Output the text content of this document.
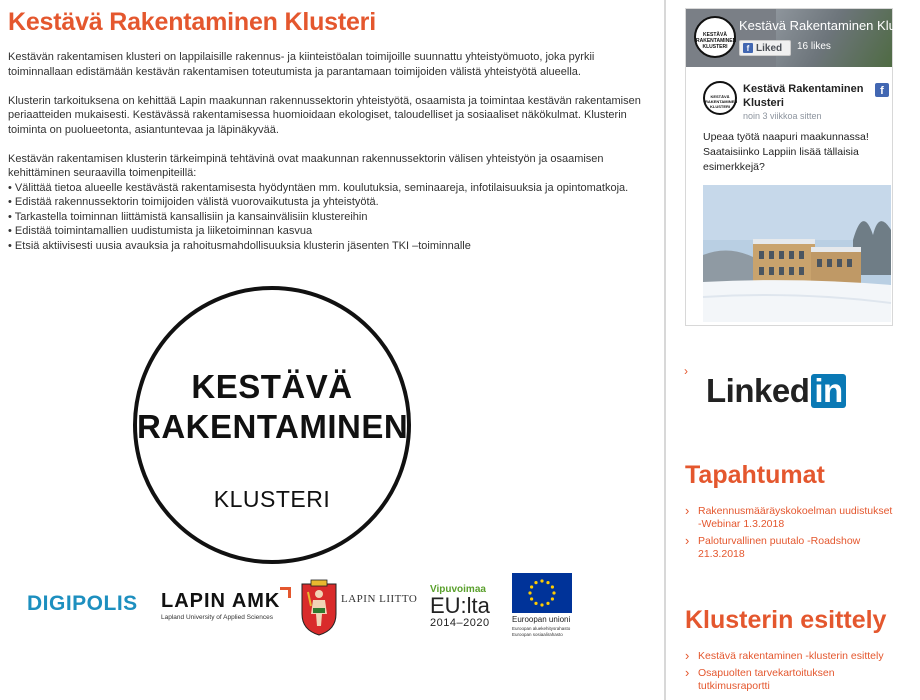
Kestävä Rakentaminen Klusteri

Kestävän rakentamisen klusteri on lappilaisille rakennus- ja kiinteistöalan toimijoille suunnattu yhteistyömuoto, joka pyrkii toiminnallaan edistämään kestävän rakentamisen toteutumista ja parantamaan toimijoiden välistä yhteistyötä alueella.

Klusterin tarkoituksena on kehittää Lapin maakunnan rakennussektorin yhteistyötä, osaamista ja toimintaa kestävän rakentamisen periaatteiden mukaisesti. Kestävässä rakentamisessa huomioidaan ekologiset, taloudelliset ja sosiaaliset näkökulmat. Klusterin toiminta on puolueetonta, asiantuntevaa ja läpinäkyvää.

Kestävän rakentamisen klusterin tärkeimpinä tehtävinä ovat maakunnan rakennussektorin välisen yhteistyön ja osaamisen kehittäminen seuraavilla toimenpiteillä:
• Välittää tietoa alueelle kestävästä rakentamisesta hyödyntäen mm. koulutuksia, seminaareja, infotilaisuuksia ja opintomatkoja.
• Edistää rakennussektorin toimijoiden välistä vuorovaikutusta ja yhteistyötä.
• Tarkastella toiminnan liittämistä kansallisiin ja kansainvälisiin klustereihin
• Edistää toimintamallien uudistumista ja liiketoiminnan kasvua
• Etsiä aktiivisesti uusia avauksia ja rahoitusmahdollisuuksia klusterin jäsenten TKI –toiminnalle
KESTÄVÄ
RAKENTAMINEN
KLUSTERI
DIGIPOLIS LAPIN AMK
Lapland University of Applied Sciences
LAPIN LIITTO
Vipuvoimaa
EU:lta
2014–2020	Euroopan unioni
Euroopan aluekehitysrahasto
Euroopan sosiaalirahasto
KESTÄVÄ RAKENTAMINEN KLUSTERI
Kestävä Rakentaminen Klusteri
f Liked	16 likes
KESTÄVÄ RAKENTAMINEN KLUSTERI
Kestävä Rakentaminen Klusteri
noin 3 viikkoa sitten
f
Upeaa työtä naapuri maakunnassa! Saataisiinko Lappiin lisää tällaisia esimerkkejä?
›
Linked in
Tapahtumat
› Rakennusmääräyskokoelman uudistukset -Webinar 1.3.2018
› Paloturvallinen puutalo -Roadshow 21.3.2018
Klusterin esittely
› Kestävä rakentaminen -klusterin esittely
› Osapuolten tarvekartoituksen tutkimusraportti
